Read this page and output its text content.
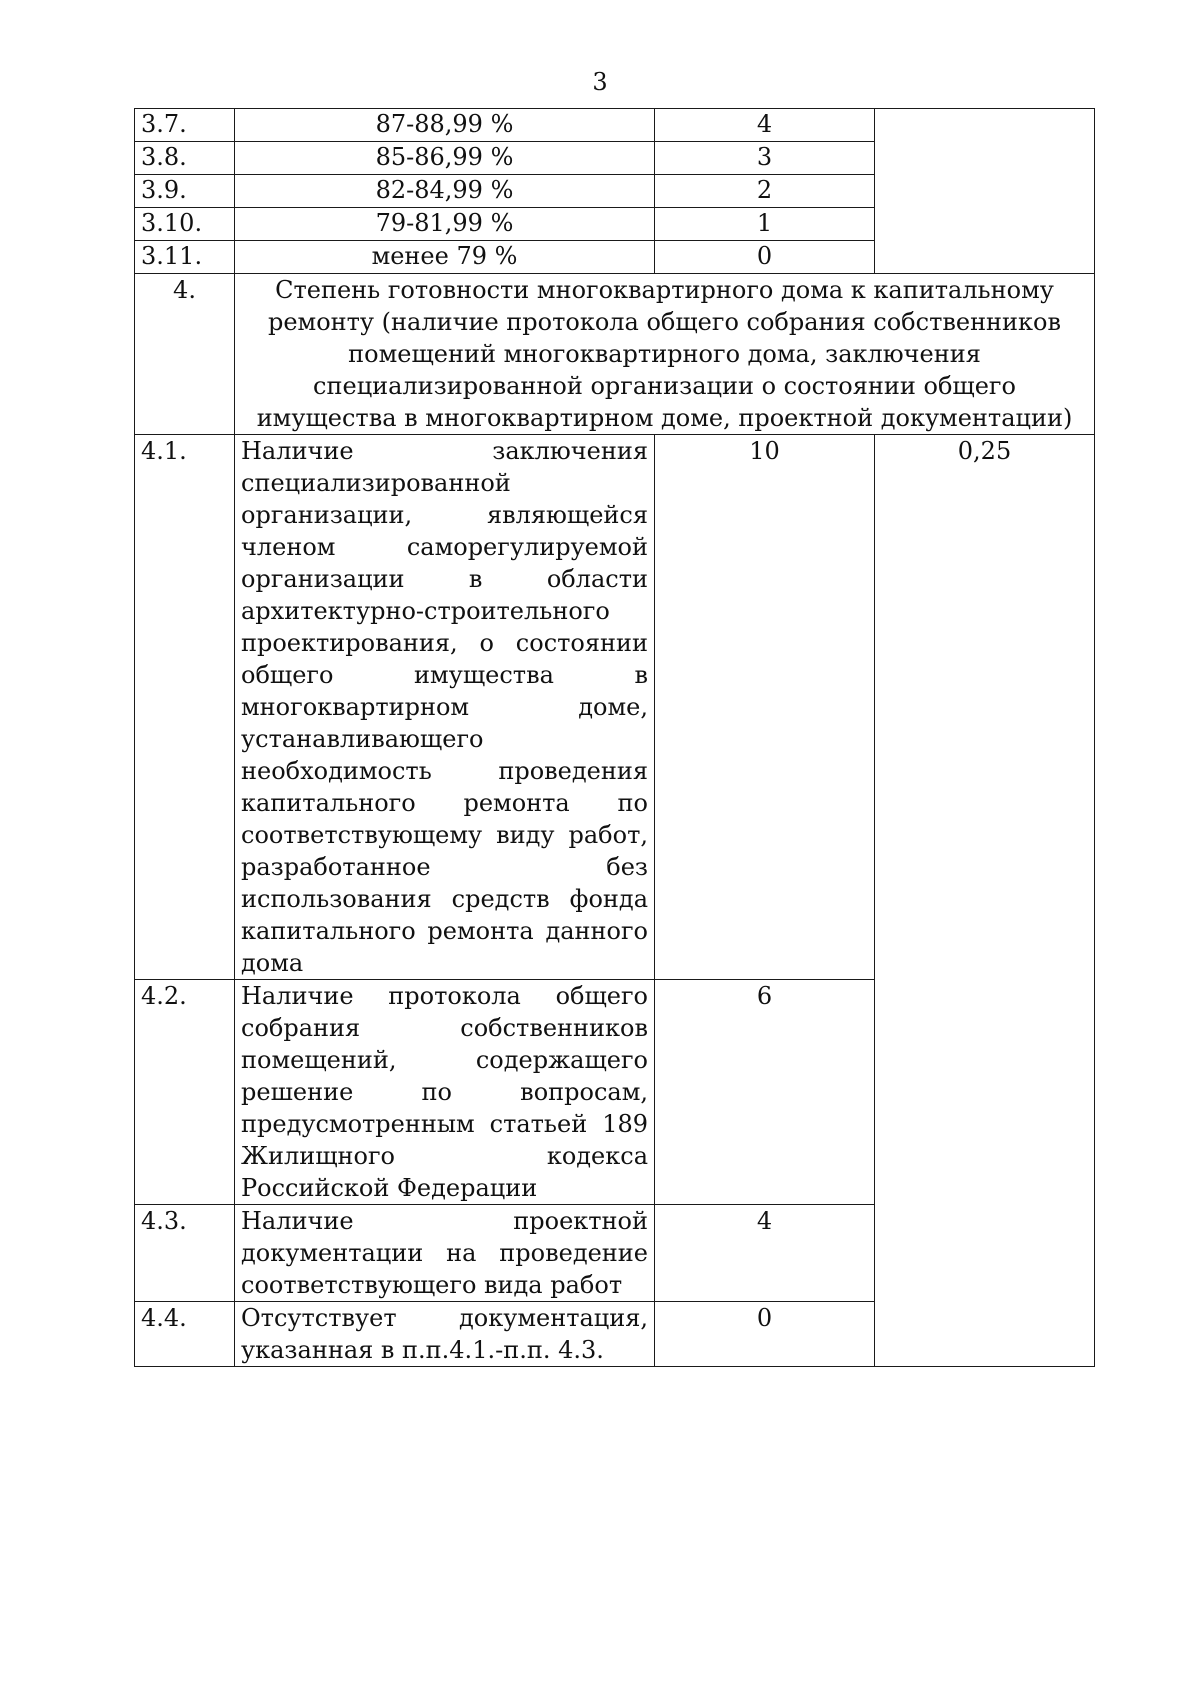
3
3.7.	87-88,99 %	4	
3.8.	85-86,99 %	3	
3.9.	82-84,99 %	2	
3.10.	79-81,99 %	1	
3.11.	менее 79 %	0	
4.	Степень готовности многоквартирного дома к капитальному ремонту (наличие протокола общего собрания собственников помещений многоквартирного дома, заключения специализированной организации о состоянии общего имущества в многоквартирном доме, проектной документации)		
4.1.	Наличие заключения специализированной организации, являющейся членом саморегулируемой организации в области архитектурно-строительного проектирования, о состоянии общего имущества в многоквартирном доме, устанавливающего необходимость проведения капитального ремонта по соответствующему виду работ, разработанное без использования средств фонда капитального ремонта данного дома	10	0,25
4.2.	Наличие протокола общего собрания собственников помещений, содержащего решение по вопросам, предусмотренным статьей 189 Жилищного кодекса Российской Федерации	6	
4.3.	Наличие проектной документации на проведение соответствующего вида работ	4	
4.4.	Отсутствует документация, указанная в п.п.4.1.-п.п. 4.3.	0	
